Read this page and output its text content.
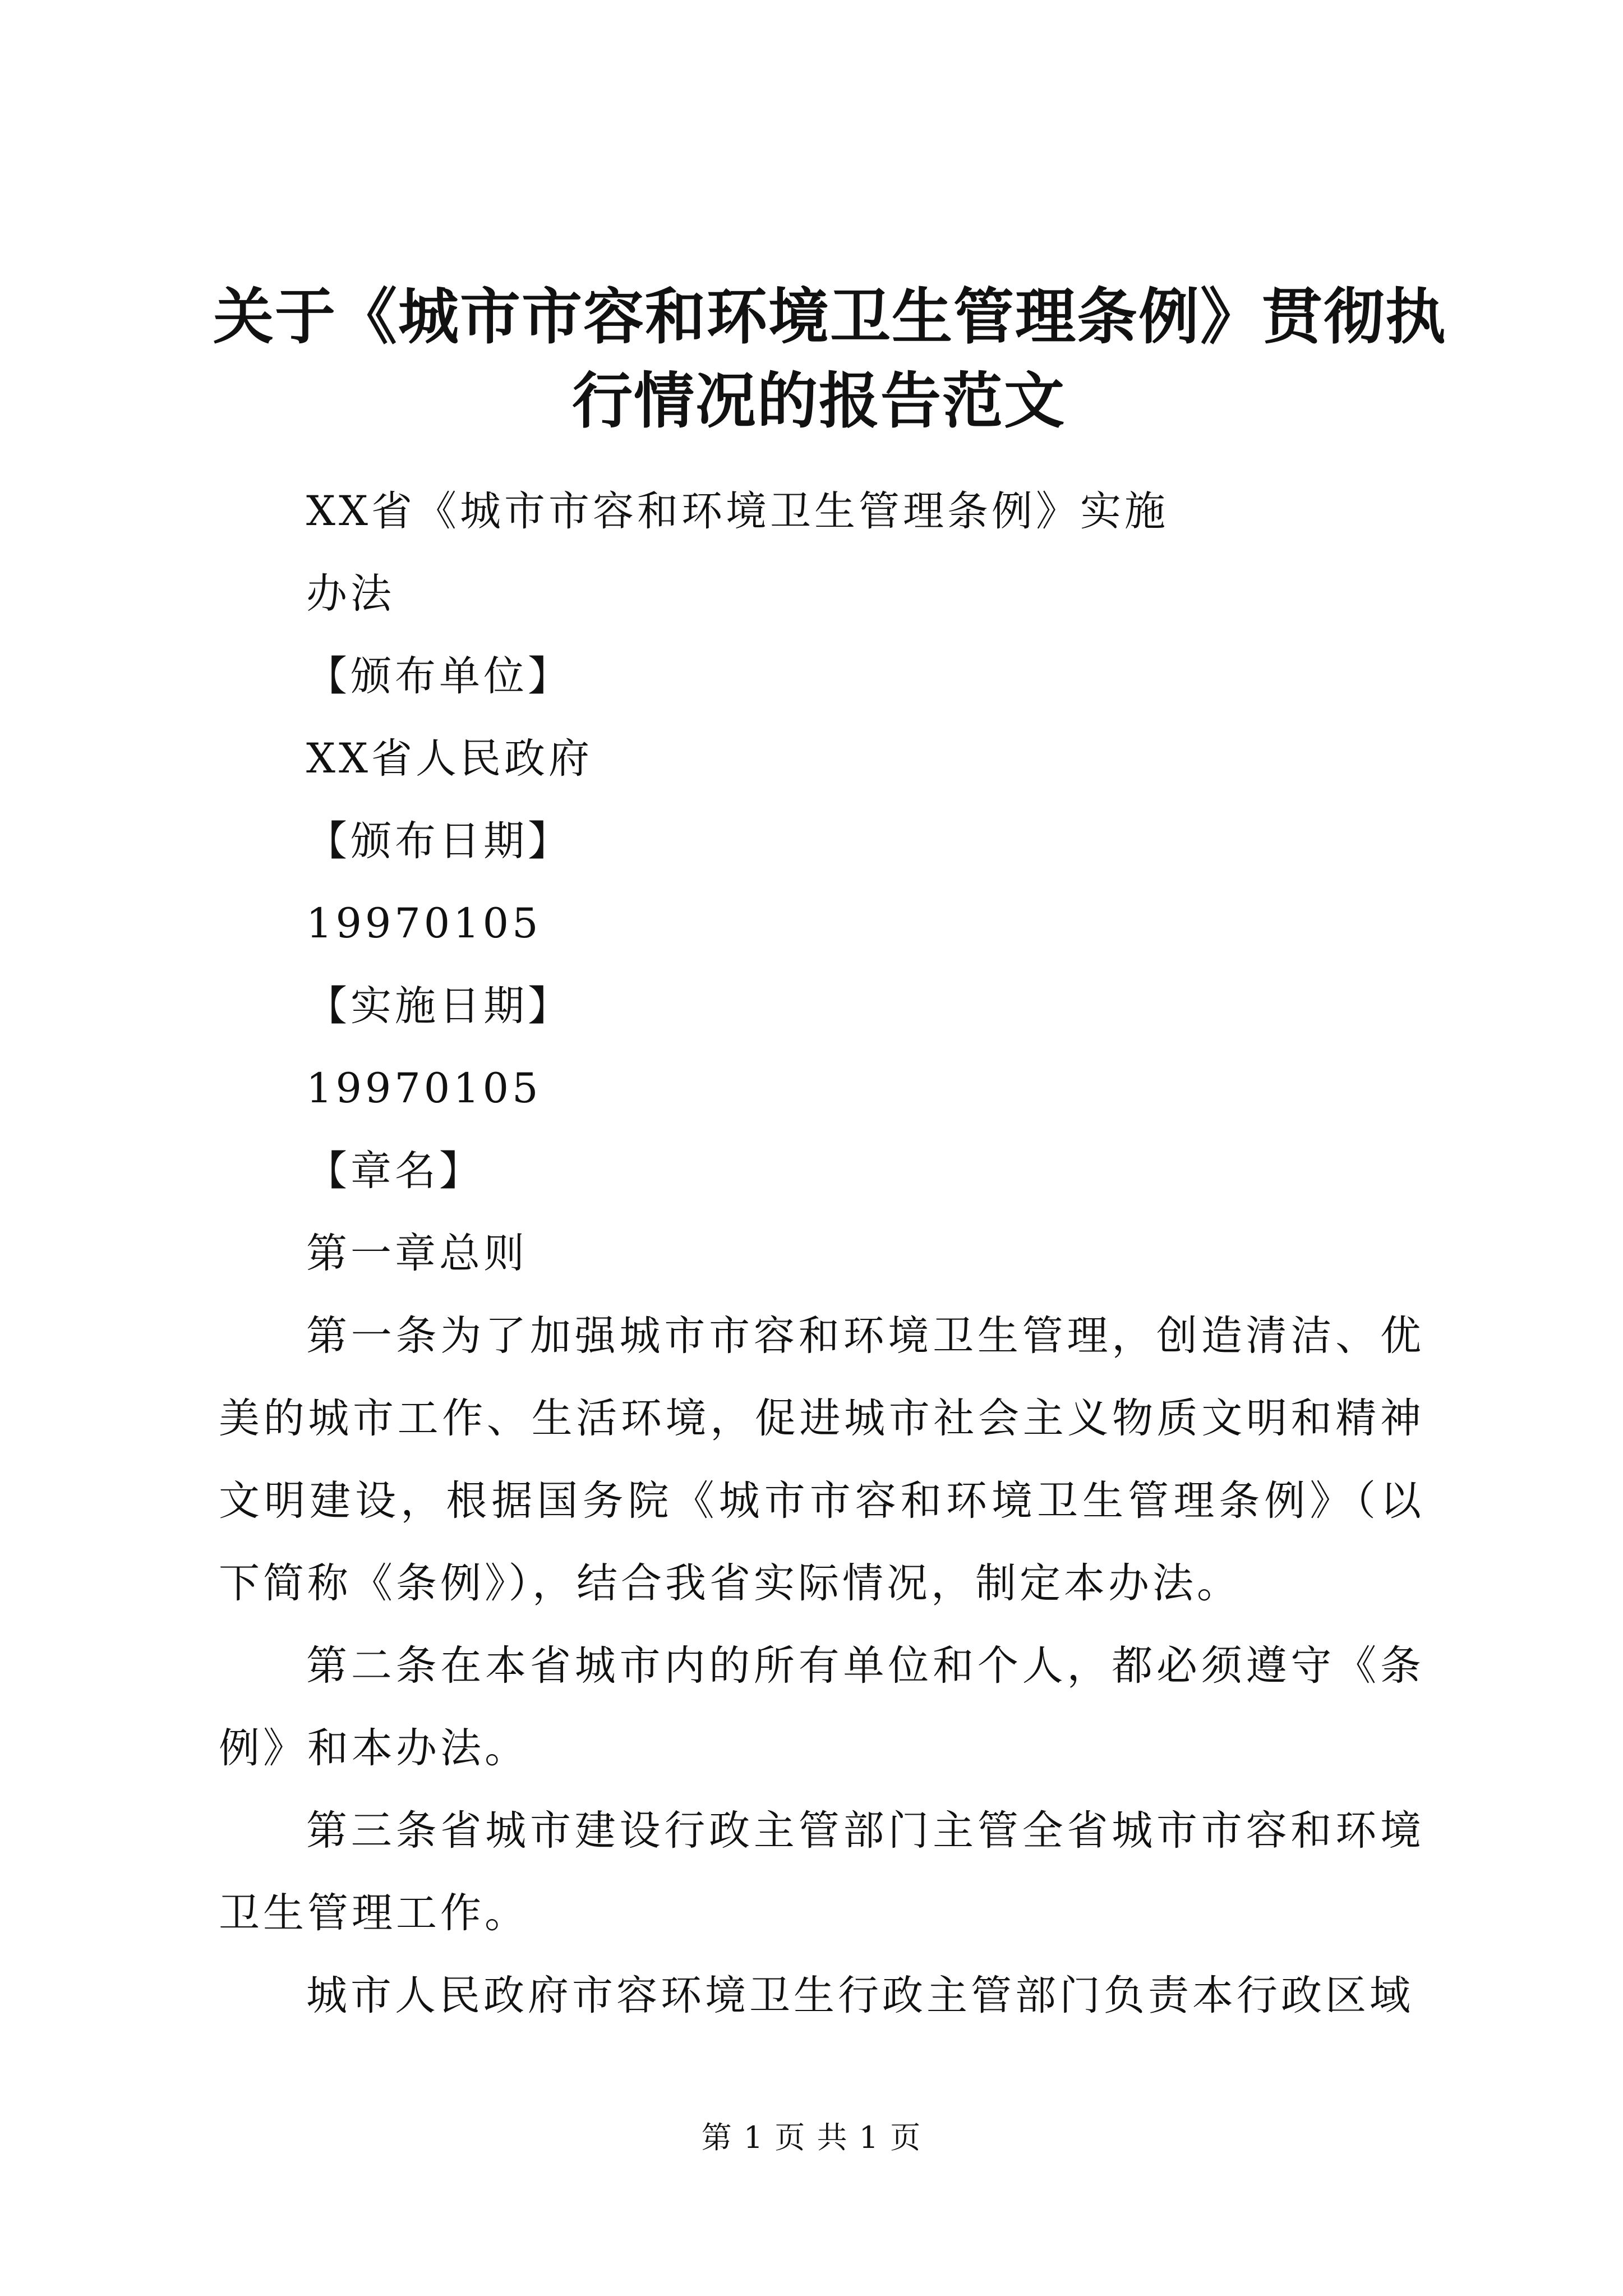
关于《城市市容和环境卫生管理条例》贯彻执
行情况的报告范文
XX省《城市市容和环境卫生管理条例》实施
办法
【颁布单位】
XX省人民政府
【颁布日期】
19970105
【实施日期】
19970105
【章名】
第一章总则
第一条为了加强城市市容和环境卫生管理，创造清洁、优美的城市工作、生活环境，促进城市社会主义物质文明和精神文明建设，根据国务院《城市市容和环境卫生管理条例》（以下简称《条例》），结合我省实际情况，制定本办法。
第二条在本省城市内的所有单位和个人，都必须遵守《条例》和本办法。
第三条省城市建设行政主管部门主管全省城市市容和环境卫生管理工作。
城市人民政府市容环境卫生行政主管部门负责本行政区域
第 1 页 共 1 页
